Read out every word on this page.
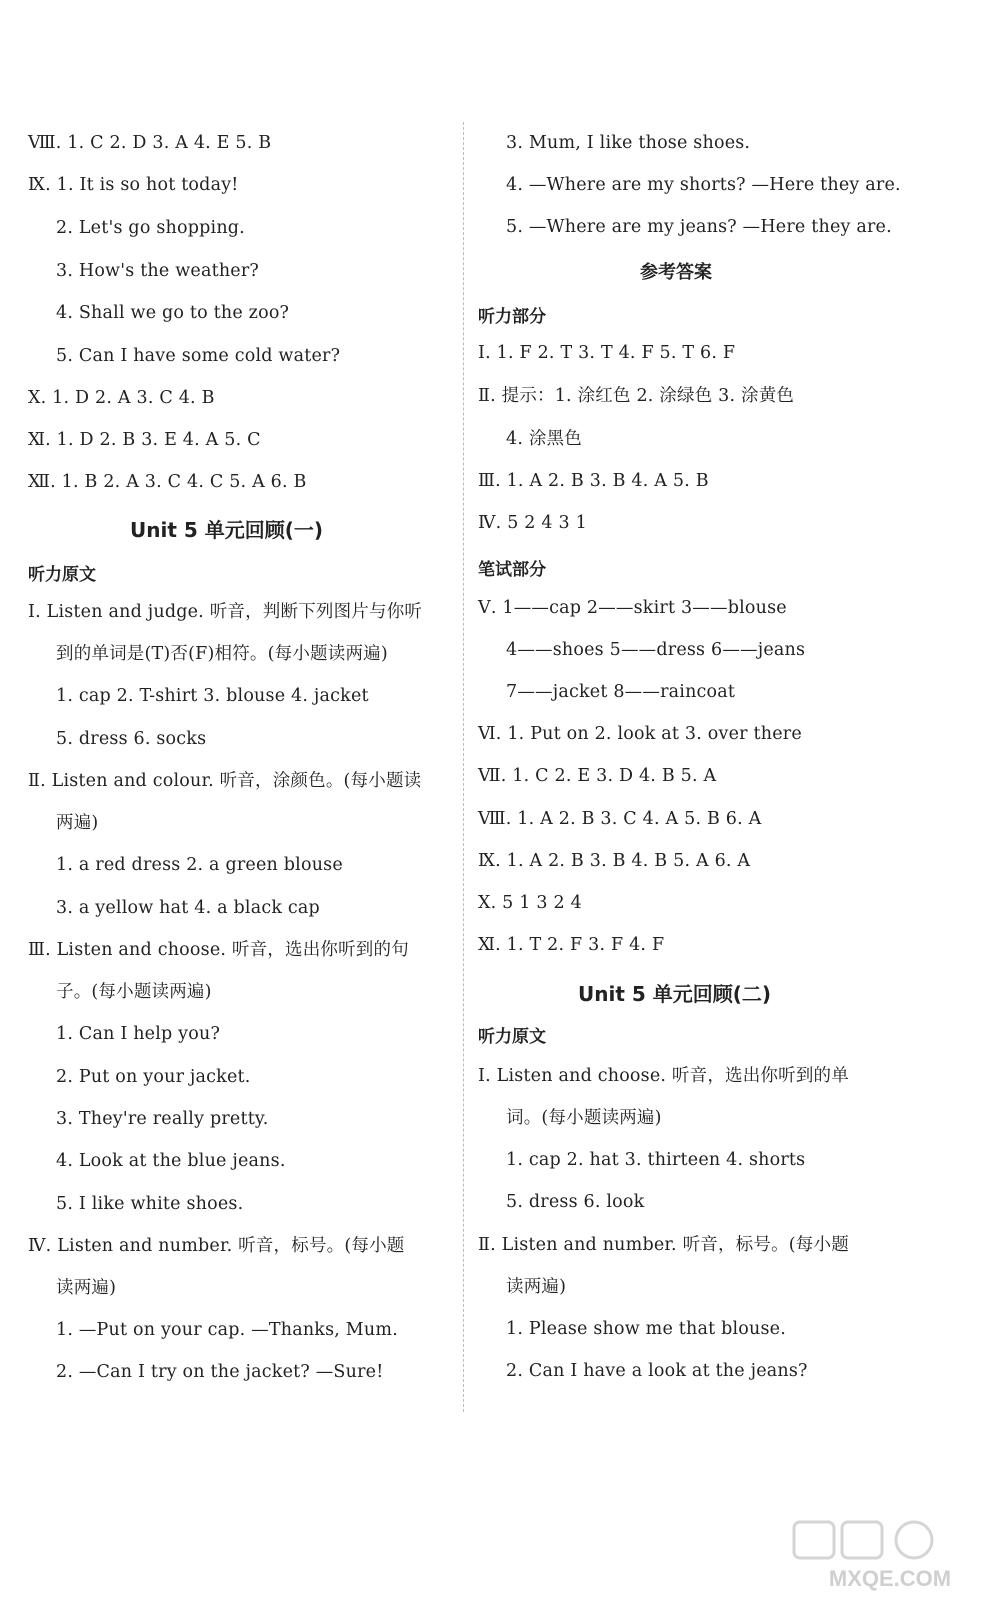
Ⅷ. 1. C 2. D 3. A 4. E 5. B
Ⅸ. 1. It is so hot today!
2. Let's go shopping.
3. How's the weather?
4. Shall we go to the zoo?
5. Can I have some cold water?
Ⅹ. 1. D 2. A 3. C 4. B
Ⅺ. 1. D 2. B 3. E 4. A 5. C
Ⅻ. 1. B 2. A 3. C 4. C 5. A 6. B
Unit 5 单元回顾(一)
听力原文
Ⅰ. Listen and judge. 听音，判断下列图片与你听
到的单词是(T)否(F)相符。(每小题读两遍)
1. cap 2. T-shirt 3. blouse 4. jacket
5. dress 6. socks
Ⅱ. Listen and colour. 听音，涂颜色。(每小题读
两遍)
1. a red dress 2. a green blouse
3. a yellow hat 4. a black cap
Ⅲ. Listen and choose. 听音，选出你听到的句
子。(每小题读两遍)
1. Can I help you?
2. Put on your jacket.
3. They're really pretty.
4. Look at the blue jeans.
5. I like white shoes.
Ⅳ. Listen and number. 听音，标号。(每小题
读两遍)
1. —Put on your cap. —Thanks, Mum.
2. —Can I try on the jacket? —Sure!
3. Mum, I like those shoes.
4. —Where are my shorts? —Here they are.
5. —Where are my jeans? —Here they are.
参考答案
听力部分
Ⅰ. 1. F 2. T 3. T 4. F 5. T 6. F
Ⅱ. 提示：1. 涂红色 2. 涂绿色 3. 涂黄色
4. 涂黑色
Ⅲ. 1. A 2. B 3. B 4. A 5. B
Ⅳ. 5 2 4 3 1
笔试部分
Ⅴ. 1——cap 2——skirt 3——blouse
4——shoes 5——dress 6——jeans
7——jacket 8——raincoat
Ⅵ. 1. Put on 2. look at 3. over there
Ⅶ. 1. C 2. E 3. D 4. B 5. A
Ⅷ. 1. A 2. B 3. C 4. A 5. B 6. A
Ⅸ. 1. A 2. B 3. B 4. B 5. A 6. A
Ⅹ. 5 1 3 2 4
Ⅺ. 1. T 2. F 3. F 4. F
Unit 5 单元回顾(二)
听力原文
Ⅰ. Listen and choose. 听音，选出你听到的单
词。(每小题读两遍)
1. cap 2. hat 3. thirteen 4. shorts
5. dress 6. look
Ⅱ. Listen and number. 听音，标号。(每小题
读两遍)
1. Please show me that blouse.
2. Can I have a look at the jeans?
MXQE.COM
